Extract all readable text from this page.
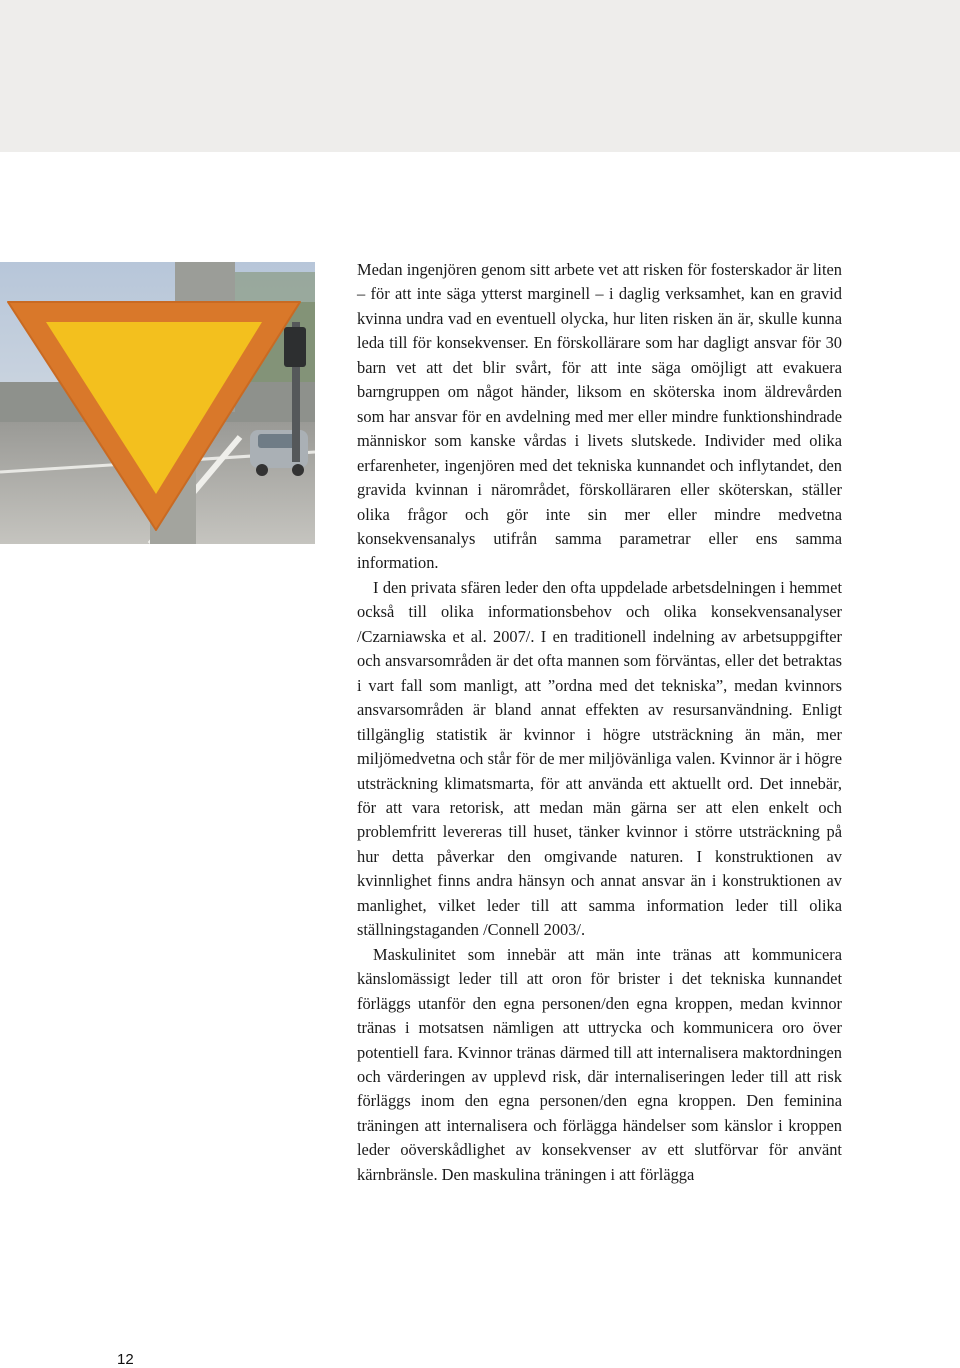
Medan ingenjören genom sitt arbete vet att risken för fosterskador är liten – för att inte säga ytterst marginell – i daglig verksamhet, kan en gravid kvinna undra vad en eventuell olycka, hur liten risken än är, skulle kunna leda till för konsekvenser. En förskollärare som har dagligt ansvar för 30 barn vet att det blir svårt, för att inte säga omöjligt att evakuera barngruppen om något händer, liksom en sköterska inom äldrevården som har ansvar för en avdelning med mer eller mindre funktionshindrade människor som kanske vårdas i livets slutskede. Individer med olika erfarenheter, ingenjören med det tekniska kunnandet och inflytandet, den gravida kvinnan i närområdet, förskolläraren eller sköterskan, ställer olika frågor och gör inte sin mer eller mindre medvetna konsekvensanalys utifrån samma parametrar eller ens samma information.

I den privata sfären leder den ofta uppdelade arbetsdelningen i hemmet också till olika informationsbehov och olika konsekvensanalyser /Czarniawska et al. 2007/. I en traditionell indelning av arbetsuppgifter och ansvarsområden är det ofta mannen som förväntas, eller det betraktas i vart fall som manligt, att ”ordna med det tekniska”, medan kvinnors ansvarsområden är bland annat effekten av resursanvändning. Enligt tillgänglig statistik är kvinnor i högre utsträckning än män, mer miljömedvetna och står för de mer miljövänliga valen. Kvinnor är i högre utsträckning klimatsmarta, för att använda ett aktuellt ord. Det innebär, för att vara retorisk, att medan män gärna ser att elen enkelt och problemfritt levereras till huset, tänker kvinnor i större utsträckning på hur detta påverkar den omgivande naturen. I konstruktionen av kvinnlighet finns andra hänsyn och annat ansvar än i konstruktionen av manlighet, vilket leder till att samma information leder till olika ställningstaganden /Connell 2003/.

Maskulinitet som innebär att män inte tränas att kommunicera känslomässigt leder till att oron för brister i det tekniska kunnandet förläggs utanför den egna personen/den egna kroppen, medan kvinnor tränas i motsatsen nämligen att uttrycka och kommunicera oro över potentiell fara. Kvinnor tränas därmed till att internalisera maktordningen och värderingen av upplevd risk, där internaliseringen leder till att risk förläggs inom den egna personen/den egna kroppen. Den feminina träningen att internalisera och förlägga händelser som känslor i kroppen leder oöverskådlighet av konsekvenser av ett slutförvar för använt kärnbränsle. Den maskulina träningen i att förlägga

12
